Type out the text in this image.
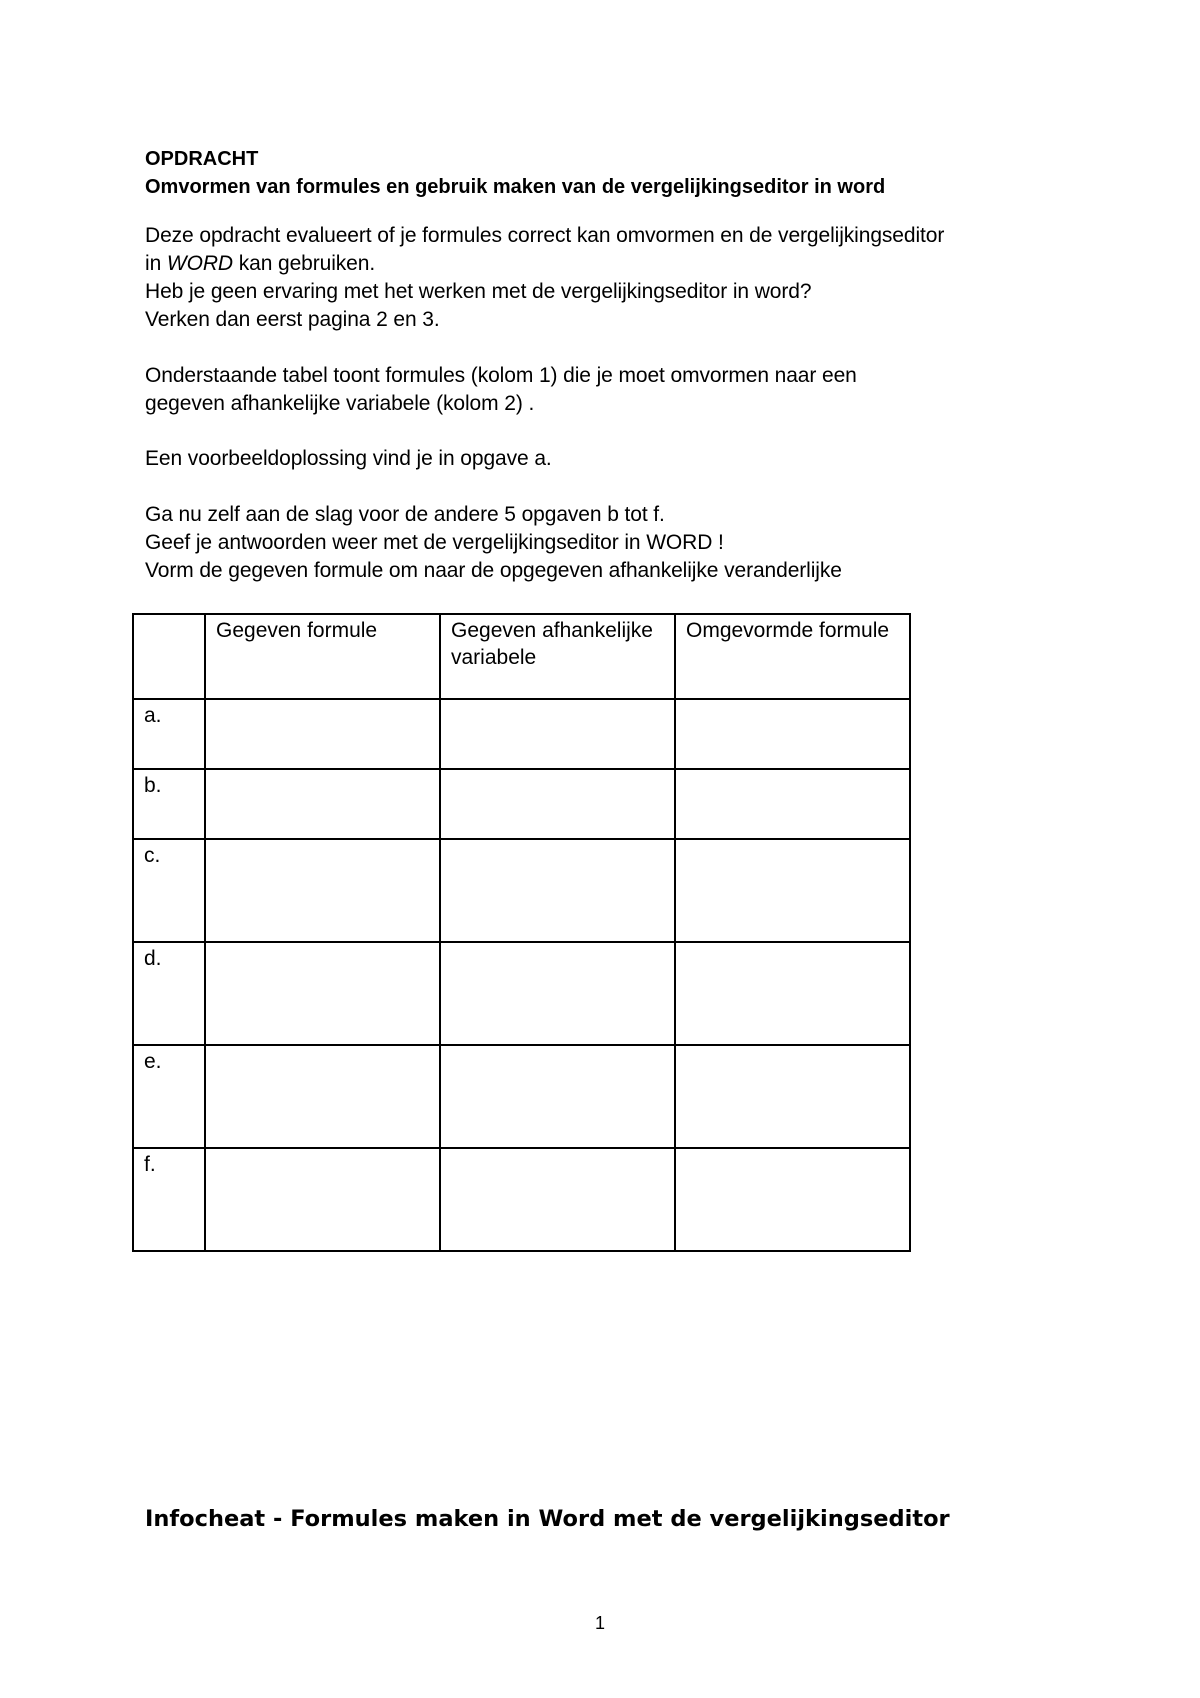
OPDRACHT

Omvormen van formules en gebruik maken van de vergelijkingseditor in word

Deze opdracht evalueert of je formules correct kan omvormen en de vergelijkingseditor
in WORD kan gebruiken.
Heb je geen ervaring met het werken met de vergelijkingseditor in word?
Verken dan eerst pagina 2 en 3.

Onderstaande tabel toont formules (kolom 1) die je moet omvormen naar een
gegeven afhankelijke variabele (kolom 2) .

Een voorbeeldoplossing vind je in opgave a.

Ga nu zelf aan de slag voor de andere 5 opgaven b tot f.
Geef je antwoorden weer met de vergelijkingseditor in WORD !
Vorm de gegeven formule om naar de opgegeven afhankelijke veranderlijke

	Gegeven formule	Gegeven afhankelijke variabele	Omgevormde formule
a.			
b.			
c.			
d.			
e.			
f.			

Infocheat - Formules maken in Word met de vergelijkingseditor

1
